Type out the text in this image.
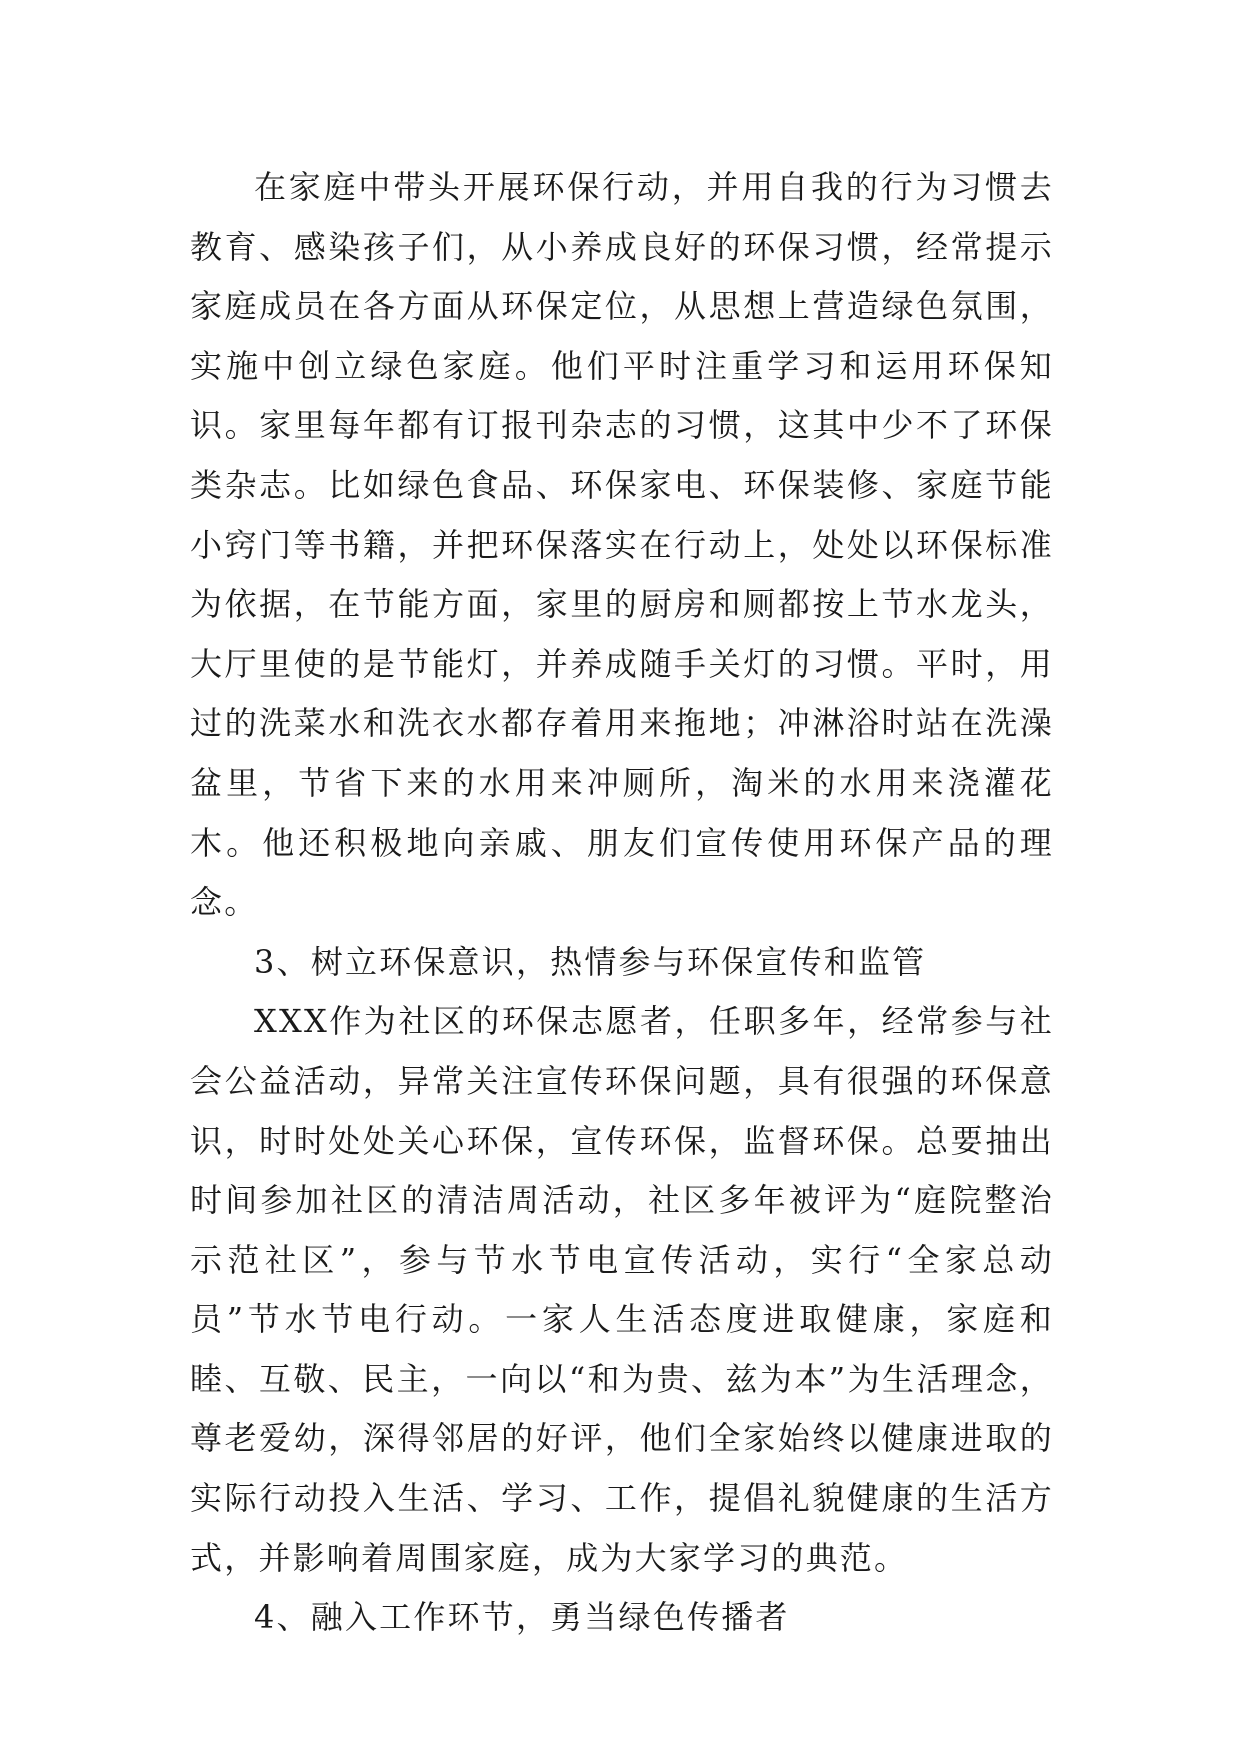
在家庭中带头开展环保行动，并用自我的行为习惯去教育、感染孩子们，从小养成良好的环保习惯，经常提示家庭成员在各方面从环保定位，从思想上营造绿色氛围，实施中创立绿色家庭。他们平时注重学习和运用环保知识。家里每年都有订报刊杂志的习惯，这其中少不了环保类杂志。比如绿色食品、环保家电、环保装修、家庭节能小窍门等书籍，并把环保落实在行动上，处处以环保标准为依据，在节能方面，家里的厨房和厕都按上节水龙头，大厅里使的是节能灯，并养成随手关灯的习惯。平时，用过的洗菜水和洗衣水都存着用来拖地；冲淋浴时站在洗澡盆里，节省下来的水用来冲厕所，淘米的水用来浇灌花木。他还积极地向亲戚、朋友们宣传使用环保产品的理念。

3、树立环保意识，热情参与环保宣传和监管

XXX作为社区的环保志愿者，任职多年，经常参与社会公益活动，异常关注宣传环保问题，具有很强的环保意识，时时处处关心环保，宣传环保，监督环保。总要抽出时间参加社区的清洁周活动，社区多年被评为“庭院整治示范社区”，参与节水节电宣传活动，实行“全家总动员”节水节电行动。一家人生活态度进取健康，家庭和睦、互敬、民主，一向以“和为贵、兹为本”为生活理念，尊老爱幼，深得邻居的好评，他们全家始终以健康进取的实际行动投入生活、学习、工作，提倡礼貌健康的生活方式，并影响着周围家庭，成为大家学习的典范。

4、融入工作环节，勇当绿色传播者
